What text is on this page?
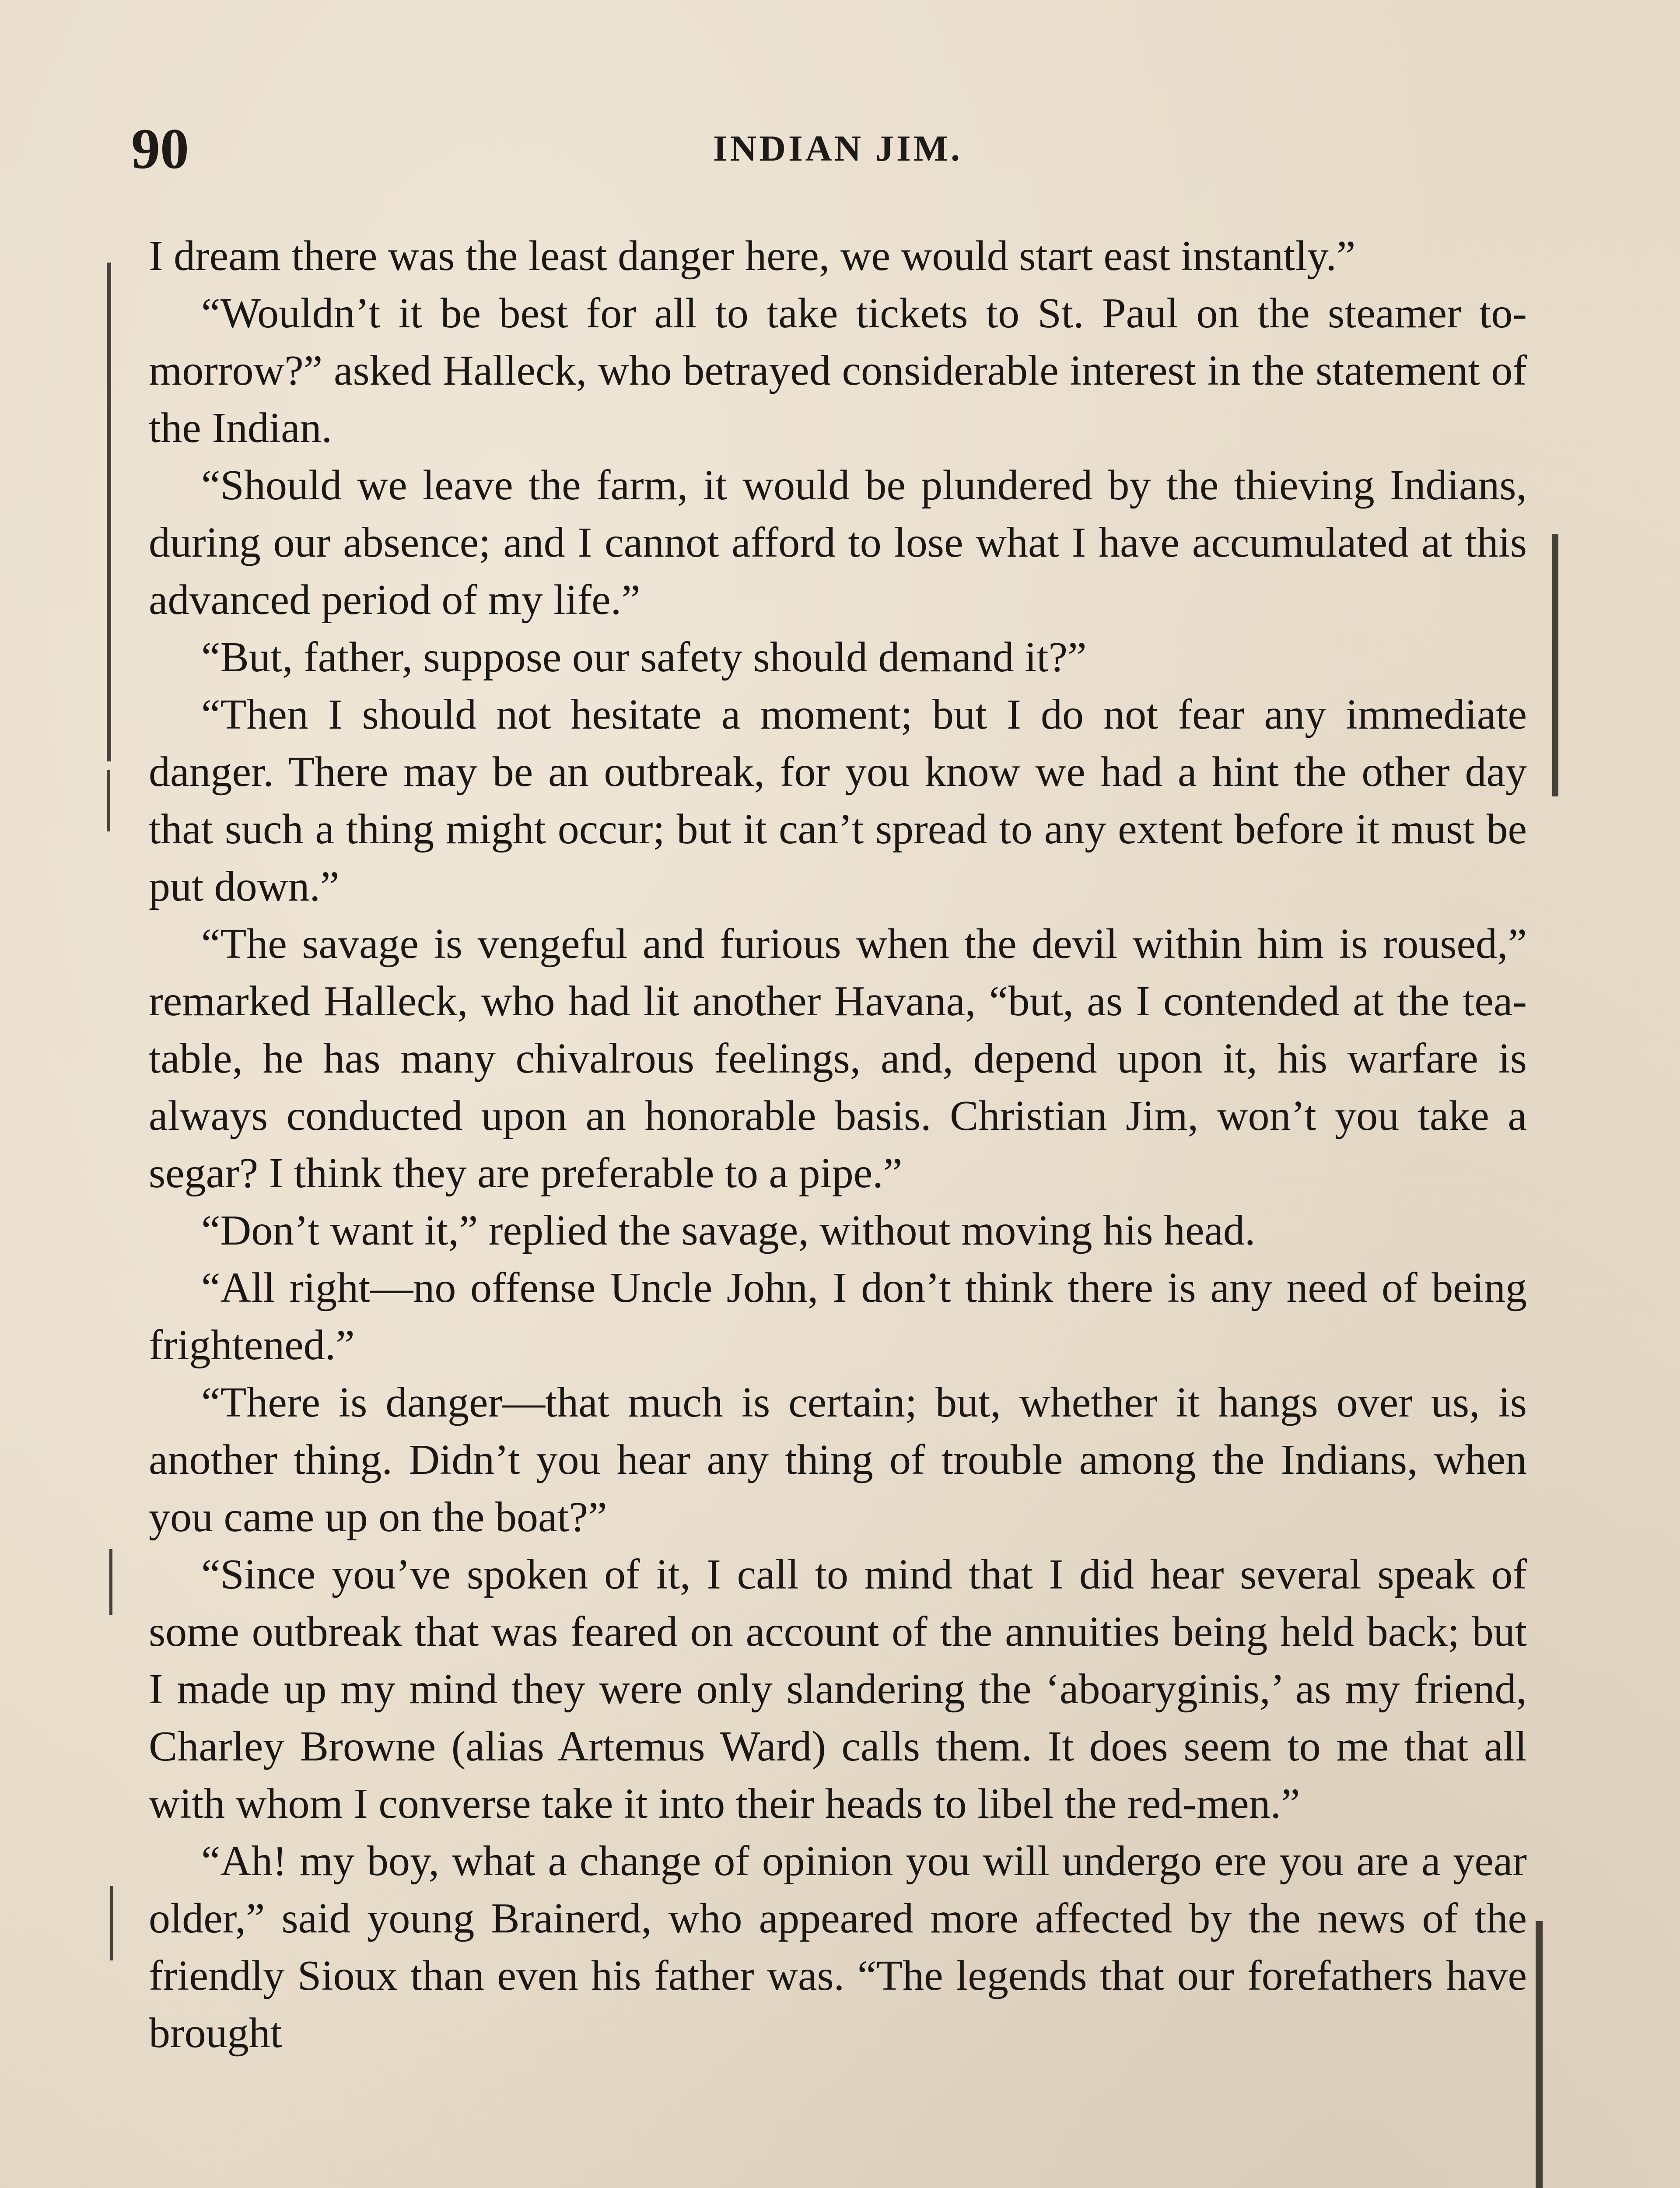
90	INDIAN JIM.

I dream there was the least danger here, we would start east instantly.”

“Wouldn’t it be best for all to take tickets to St. Paul on the steamer to-morrow?” asked Halleck, who betrayed considerable interest in the statement of the Indian.

“Should we leave the farm, it would be plundered by the thieving Indians, during our absence; and I cannot afford to lose what I have accumulated at this advanced period of my life.”

“But, father, suppose our safety should demand it?”

“Then I should not hesitate a moment; but I do not fear any immediate danger. There may be an outbreak, for you know we had a hint the other day that such a thing might occur; but it can’t spread to any extent before it must be put down.”

“The savage is vengeful and furious when the devil within him is roused,” remarked Halleck, who had lit another Havana, “but, as I contended at the tea-table, he has many chivalrous feelings, and, depend upon it, his warfare is always conducted upon an honorable basis. Christian Jim, won’t you take a segar? I think they are preferable to a pipe.”

“Don’t want it,” replied the savage, without moving his head.

“All right—no offense Uncle John, I don’t think there is any need of being frightened.”

“There is danger—that much is certain; but, whether it hangs over us, is another thing. Didn’t you hear any thing of trouble among the Indians, when you came up on the boat?”

“Since you’ve spoken of it, I call to mind that I did hear several speak of some outbreak that was feared on account of the annuities being held back; but I made up my mind they were only slandering the ‘aboaryginis,’ as my friend, Charley Browne (alias Artemus Ward) calls them. It does seem to me that all with whom I converse take it into their heads to libel the red-men.”

“Ah! my boy, what a change of opinion you will undergo ere you are a year older,” said young Brainerd, who appeared more affected by the news of the friendly Sioux than even his father was. “The legends that our forefathers have brought
